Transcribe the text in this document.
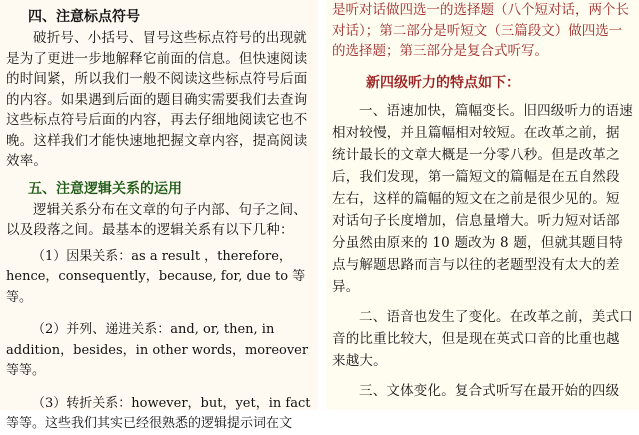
四、注意标点符号

破折号、小括号、冒号这些标点符号的出现就是为了更进一步地解释它前面的信息。但快速阅读的时间紧，所以我们一般不阅读这些标点符号后面的内容。如果遇到后面的题目确实需要我们去查询这些标点符号后面的内容，再去仔细地阅读它也不晚。这样我们才能快速地把握文章内容，提高阅读效率。

五、注意逻辑关系的运用

逻辑关系分布在文章的句子内部、句子之间、以及段落之间。最基本的逻辑关系有以下几种：

（1）因果关系：as a result ，therefore，hence，consequently，because, for, due to 等等。

（2）并列、递进关系：and, or, then, in addition，besides，in other words，moreover 等等。

（3）转折关系：however，but，yet，in fact 等等。这些我们其实已经很熟悉的逻辑提示词在文

是听对话做四选一的选择题（八个短对话，两个长对话）；第二部分是听短文（三篇段文）做四选一的选择题；第三部分是复合式听写。

新四级听力的特点如下：

一、语速加快，篇幅变长。旧四级听力的语速相对较慢，并且篇幅相对较短。在改革之前，据统计最长的文章大概是一分零八秒。但是改革之后，我们发现，第一篇短文的篇幅是在五自然段左右，这样的篇幅的短文在之前是很少见的。短对话句子长度增加，信息量增大。听力短对话部分虽然由原来的 10 题改为 8 题，但就其题目特点与解题思路而言与以往的老题型没有太大的差异。

二、语音也发生了变化。在改革之前，美式口音的比重比较大，但是现在英式口音的比重也越来越大。

三、文体变化。复合式听写在最开始的四级
